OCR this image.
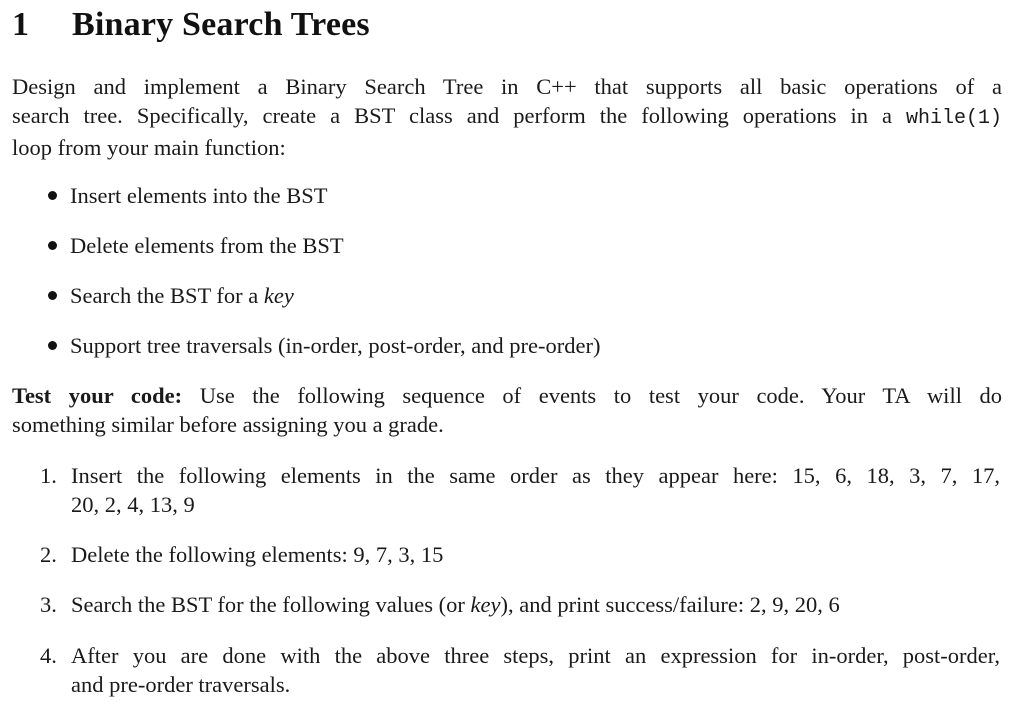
1 Binary Search Trees
Design and implement a Binary Search Tree in C++ that supports all basic operations of a
search tree. Specifically, create a BST class and perform the following operations in a while(1)
loop from your main function:
Insert elements into the BST
Delete elements from the BST
Search the BST for a key
Support tree traversals (in-order, post-order, and pre-order)
Test your code: Use the following sequence of events to test your code. Your TA will do
something similar before assigning you a grade.
1. Insert the following elements in the same order as they appear here: 15, 6, 18, 3, 7, 17,
20, 2, 4, 13, 9
2. Delete the following elements: 9, 7, 3, 15
3. Search the BST for the following values (or key), and print success/failure: 2, 9, 20, 6
4. After you are done with the above three steps, print an expression for in-order, post-order,
and pre-order traversals.
